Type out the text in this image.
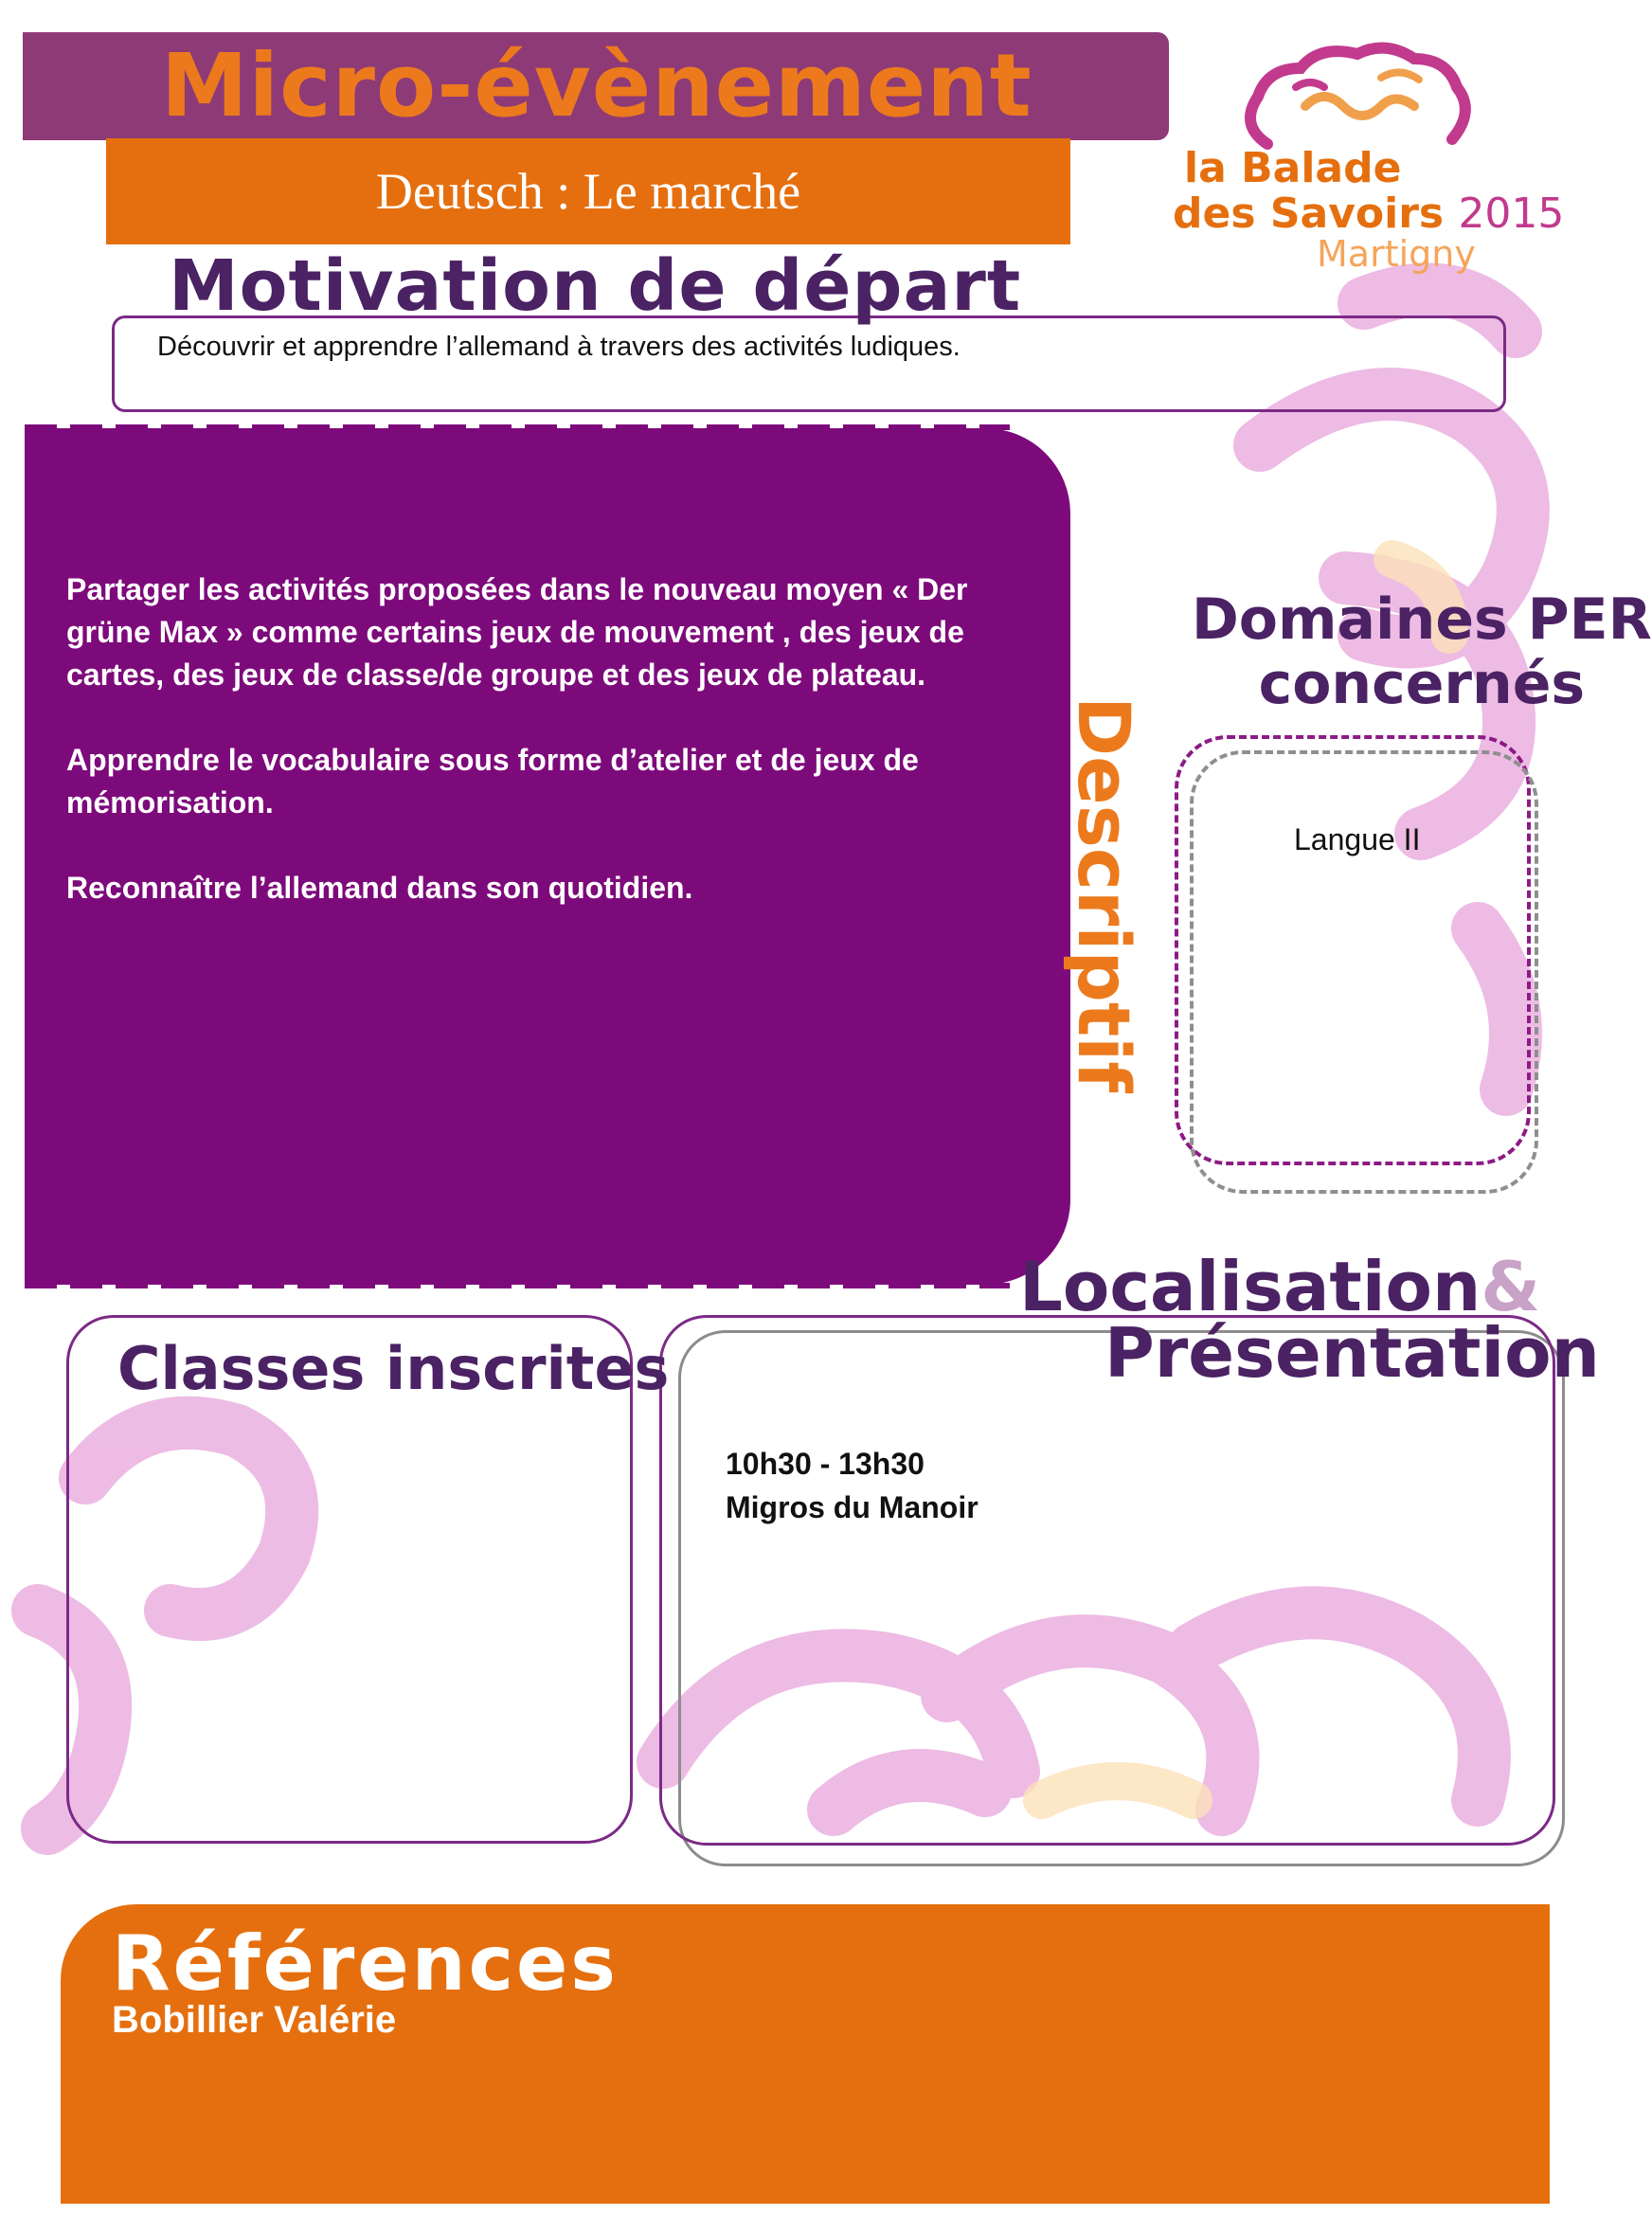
Micro-évènement
Deutsch : Le marché	la Balade
des Savoirs 2015
Martigny
Motivation de départ
Découvrir et apprendre l’allemand à travers des activités ludiques.

Partager les activités proposées dans le nouveau moyen « Der grüne Max » comme certains jeux de mouvement , des jeux de cartes, des jeux de classe/de groupe et des jeux de plateau.

Apprendre le vocabulaire sous forme d’atelier et de jeux de mémorisation.

Reconnaître l’allemand dans son quotidien.	Descriptif
Domaines PER
concernés
Langue II
Localisation&
Présentation
10h30 - 13h30
Migros du Manoir
Classes inscrites
Références
Bobillier Valérie
